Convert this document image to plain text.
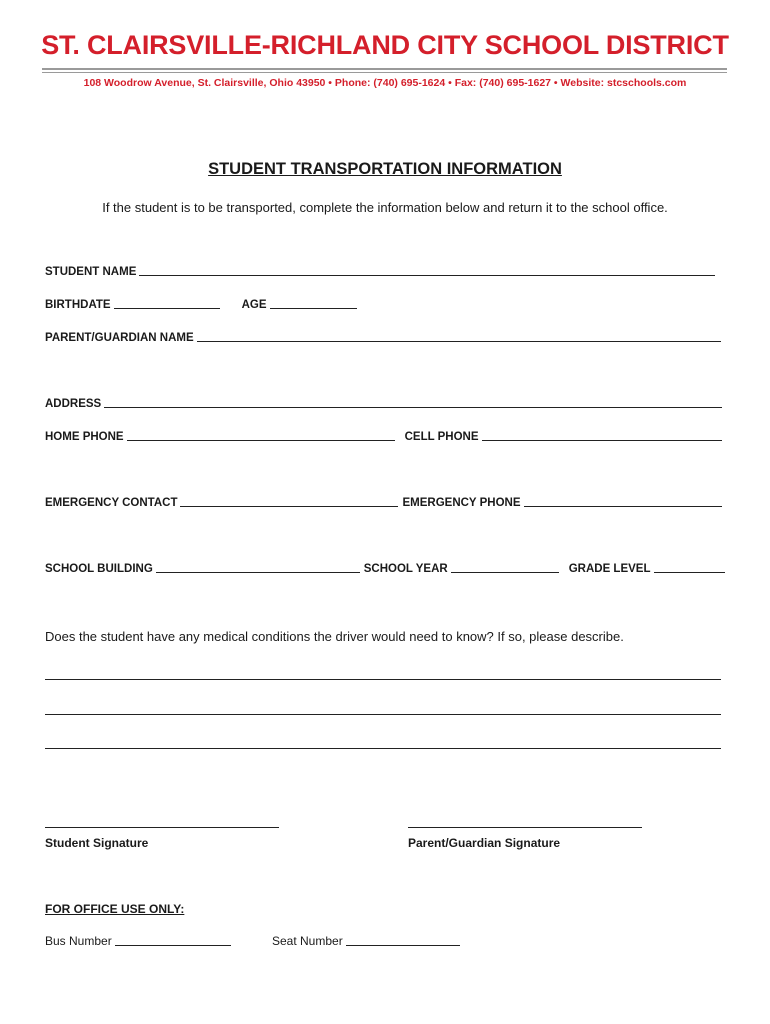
ST. CLAIRSVILLE-RICHLAND CITY SCHOOL DISTRICT
108 Woodrow Avenue, St. Clairsville, Ohio 43950 • Phone: (740) 695-1624 • Fax: (740) 695-1627 • Website: stcschools.com
STUDENT TRANSPORTATION INFORMATION
If the student is to be transported, complete the information below and return it to the school office.
STUDENT NAME
BIRTHDATE	AGE
PARENT/GUARDIAN NAME
ADDRESS
HOME PHONE	CELL PHONE
EMERGENCY CONTACT	EMERGENCY PHONE
SCHOOL BUILDING	SCHOOL YEAR	GRADE LEVEL
Does the student have any medical conditions the driver would need to know? If so, please describe.
Student Signature	Parent/Guardian Signature
FOR OFFICE USE ONLY:
Bus Number	Seat Number
